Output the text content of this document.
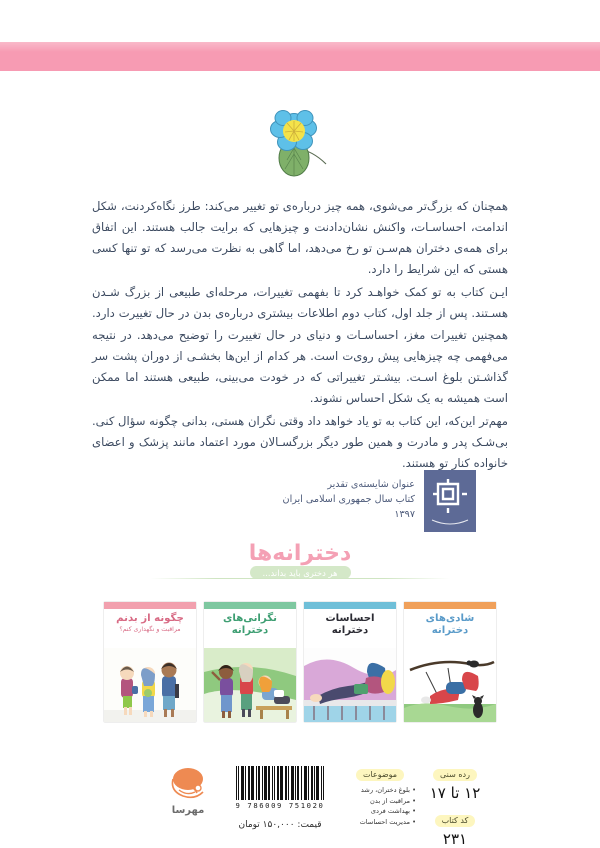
همچنان که بزرگ‌تر می‌شوی، همه چیز درباره‌ی تو تغییر می‌کند: طرز نگاه‌کردنت، شکل اندامت، احساسـات، واکنش نشان‌دادنت و چیزهایی که برایت جالب هستند. این اتفاق برای همه‌ی دختران هم‌سـن تو رخ می‌دهد، اما گاهی به نظرت می‌رسد که تو تنها کسی هستی که این شرایط را دارد.

ایـن کتاب به تو کمک خواهـد کرد تا بفهمی تغییرات، مرحله‌ای طبیعی از بزرگ شـدن هسـتند. پس از جلد اول، کتاب دوم اطلاعات بیشتری درباره‌ی بدن در حال تغییرت دارد. همچنین تغییرات مغز، احساسـات و دنیای در حال تغییرت را توضیح می‌دهد. در نتیجه می‌فهمی چه چیزهایی پیش روی‌ت است. هر کدام از این‌ها بخشـی از دوران پشت سر گذاشـتن بلوغ اسـت. بیشـتر تغییراتی که در خودت می‌بینی، طبیعی هستند اما ممکن است همیشه به یک شکل احساس نشوند.

مهم‌تر این‌که، این کتاب به تو یاد خواهد داد وقتی نگران هستی، بدانی چگونه سؤال کنی. بی‌شـک پدر و مادرت و همین طور دیگر بزرگسـالان مورد اعتماد مانند پزشک و اعضای خانواده کنار تو هستند.

عنوان شایسته‌ی تقدیر
کتاب سال جمهوری اسلامی ایران
۱۳۹۷
دخترانه‌ها
هر دختری باید بداند...
چگونه از بدنم
مراقبت و نگهداری کنم؟
نگرانی‌های دخترانه
احساسات دخترانه
شادی‌های دخترانه
مهرسا	9 786009 751020
قیمت: ۱۵۰,۰۰۰ تومان
موضوعات
• بلوغ دختران، رشد
• مراقبت از بدن
• بهداشت فردی
• مدیریت احساسات
رده سنی
۱۲ تا ۱۷
کد کتاب
۲۳۱
